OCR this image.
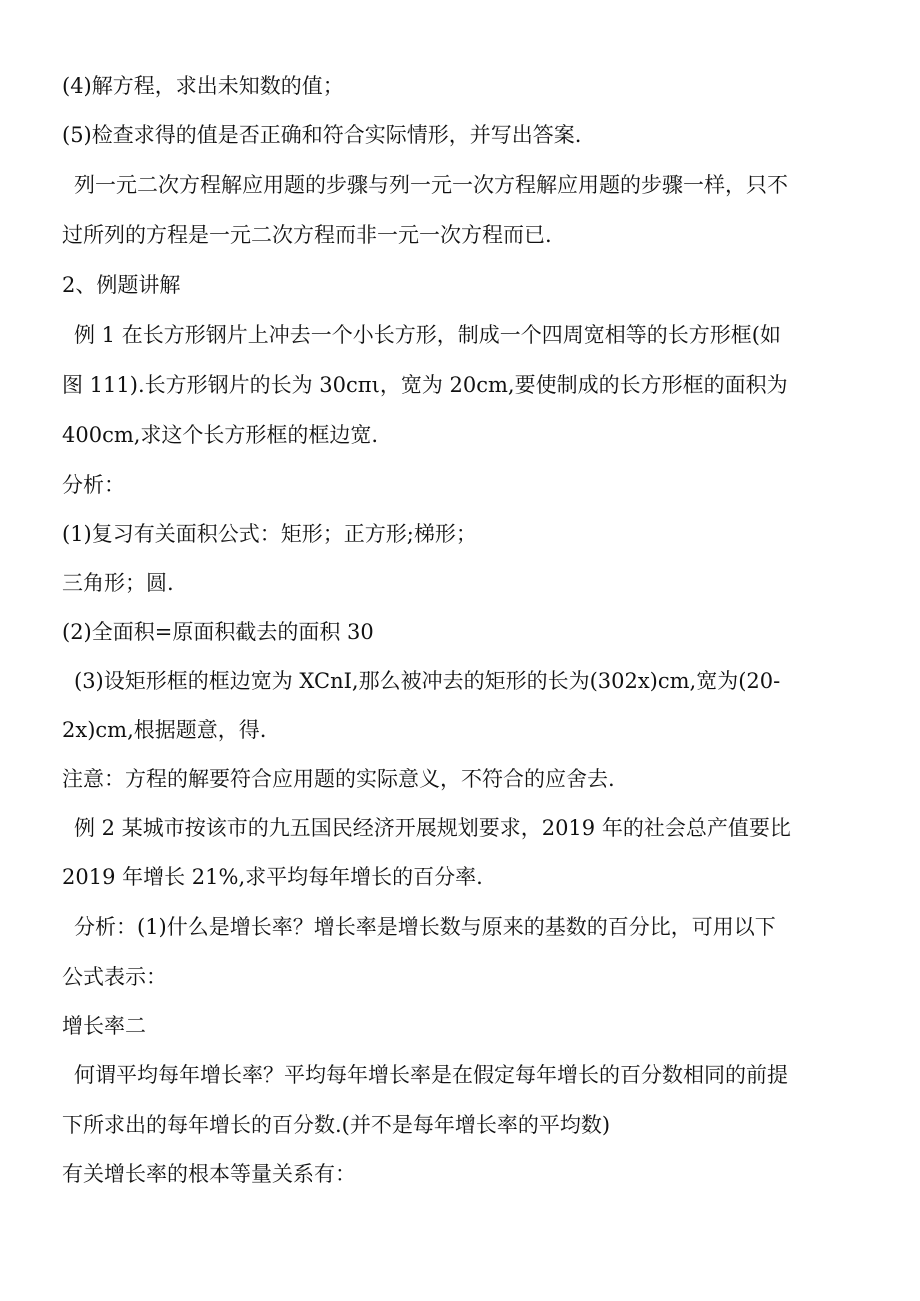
(4)解方程，求出未知数的值；
(5)检查求得的值是否正确和符合实际情形，并写出答案.
列一元二次方程解应用题的步骤与列一元一次方程解应用题的步骤一样，只不
过所列的方程是一元二次方程而非一元一次方程而已.
2、例题讲解
例 1 在长方形钢片上冲去一个小长方形，制成一个四周宽相等的长方形框(如
图 111).长方形钢片的长为 30cπι，宽为 20cm,要使制成的长方形框的面积为
400cm,求这个长方形框的框边宽.
分析：
(1)复习有关面积公式：矩形；正方形;梯形；
三角形；圆.
(2)全面积=原面积截去的面积 30
(3)设矩形框的框边宽为 XCnI,那么被冲去的矩形的长为(302x)cm,宽为(20-
2x)cm,根据题意，得.
注意：方程的解要符合应用题的实际意义，不符合的应舍去.
例 2 某城市按该市的九五国民经济开展规划要求，2019 年的社会总产值要比
2019 年增长 21%,求平均每年增长的百分率.
分析：(1)什么是增长率？增长率是增长数与原来的基数的百分比，可用以下
公式表示：
增长率二
何谓平均每年增长率？平均每年增长率是在假定每年增长的百分数相同的前提
下所求出的每年增长的百分数.(并不是每年增长率的平均数)
有关增长率的根本等量关系有：
